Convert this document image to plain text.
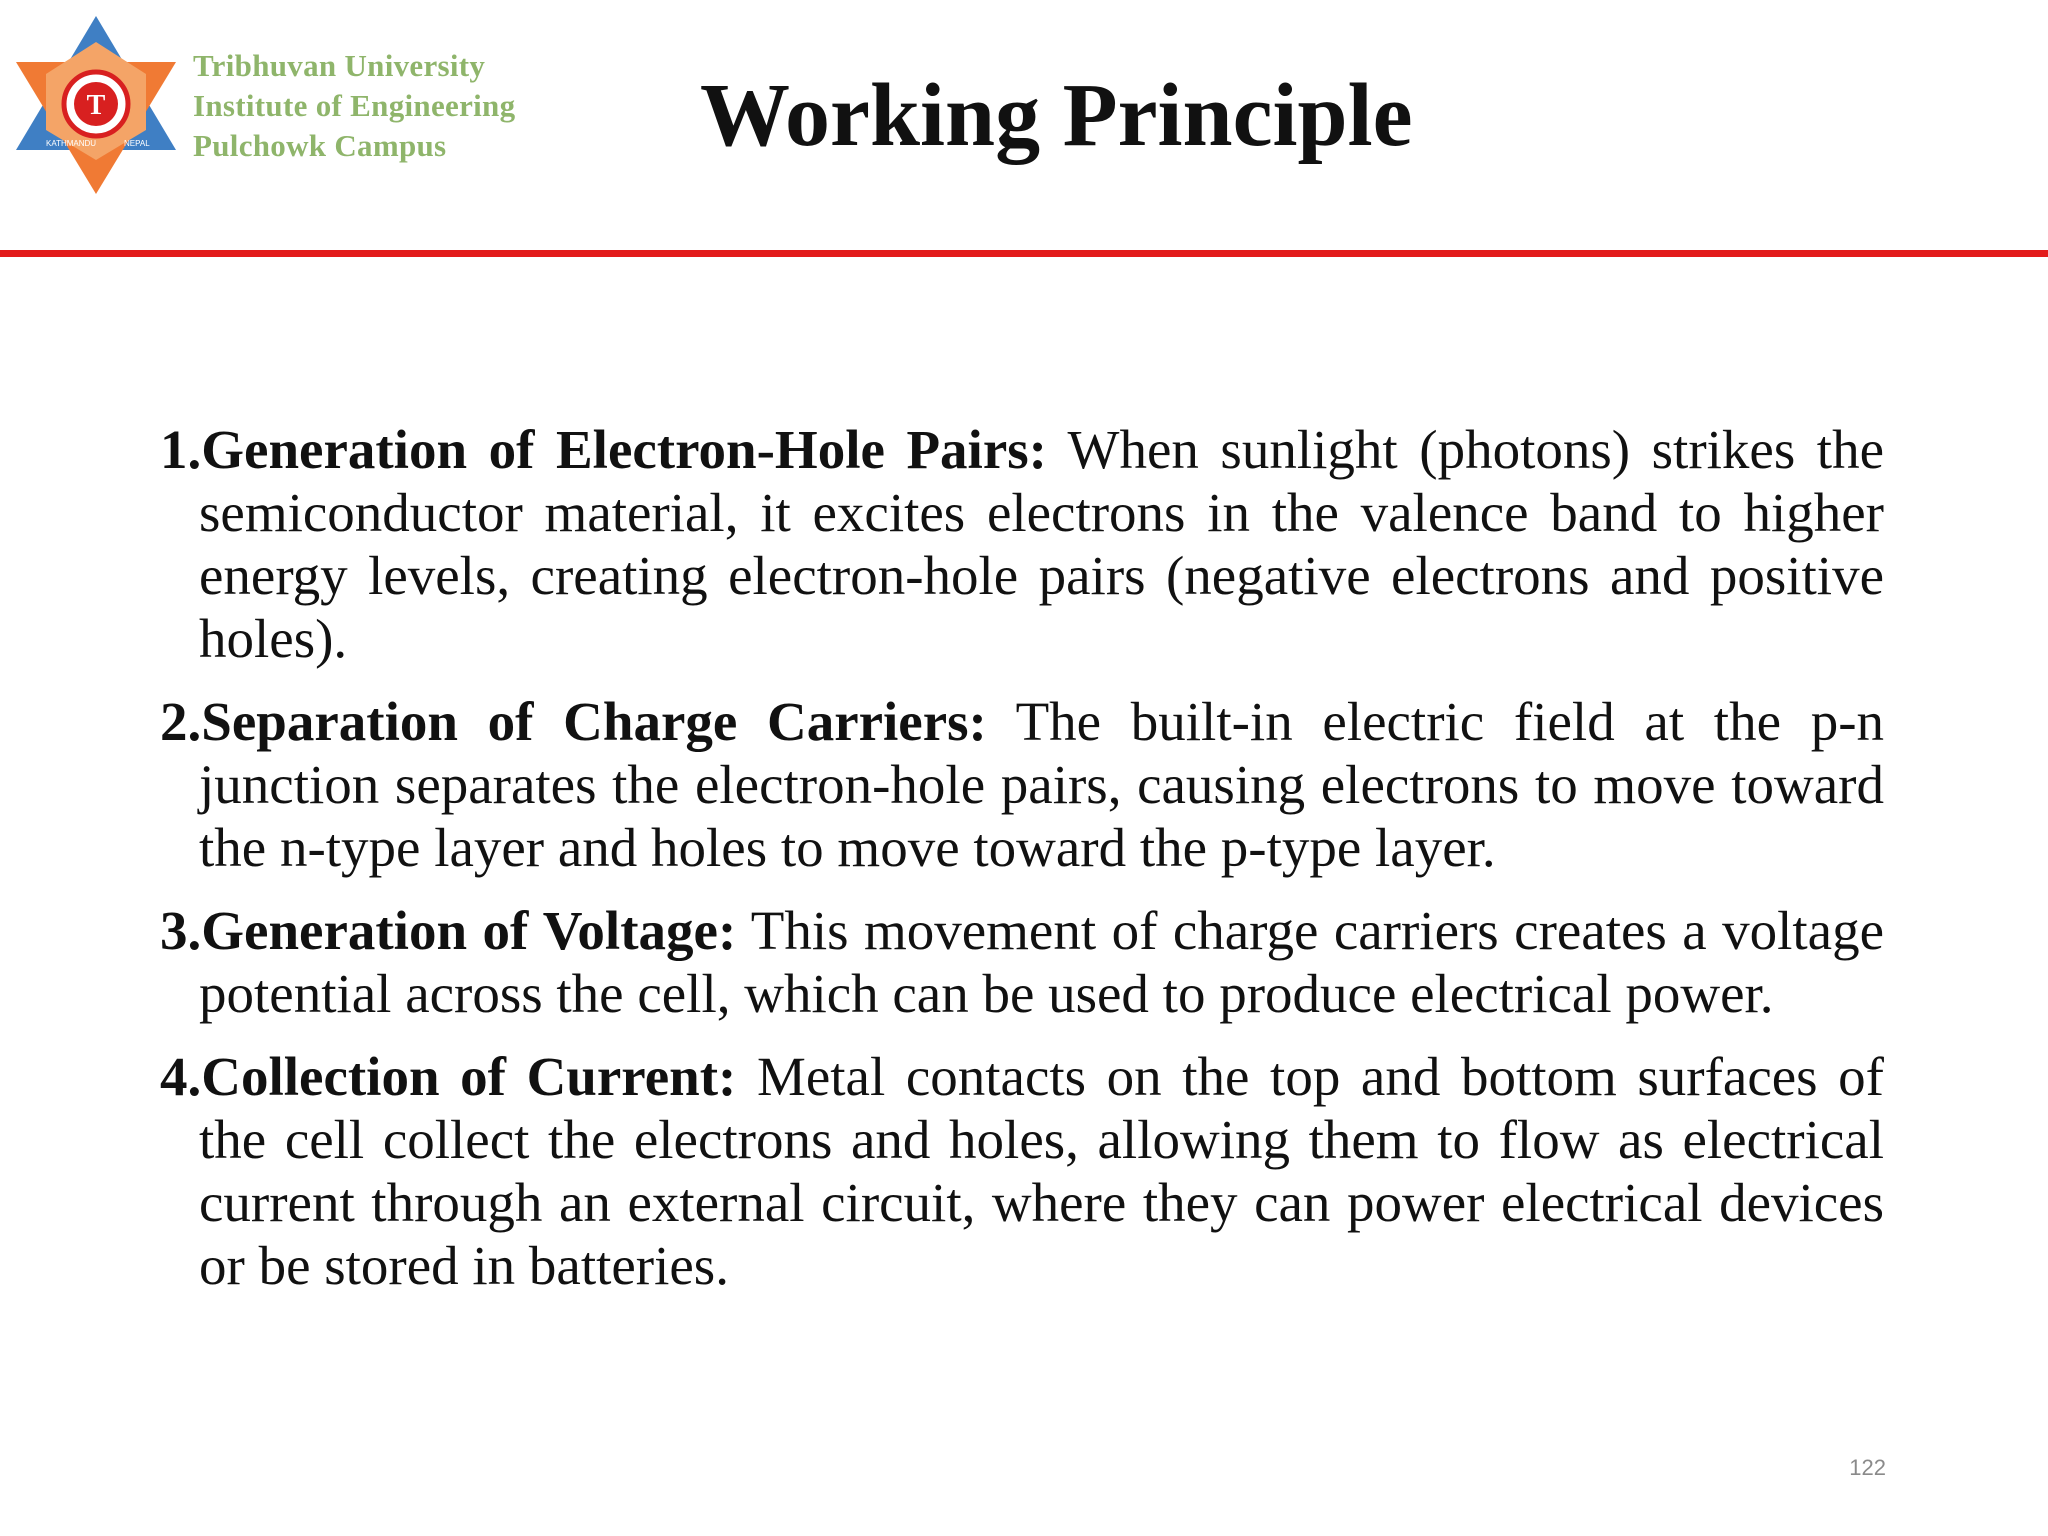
T
KATHMANDU	NEPAL
Tribhuvan University
Institute of Engineering
Pulchowk Campus	Working Principle

1.Generation of Electron-Hole Pairs: When sunlight (photons) strikes the semiconductor material, it excites electrons in the valence band to higher energy levels, creating electron-hole pairs (negative electrons and positive holes).

2.Separation of Charge Carriers: The built-in electric field at the p-n junction separates the electron-hole pairs, causing electrons to move toward the n-type layer and holes to move toward the p-type layer.

3.Generation of Voltage: This movement of charge carriers creates a voltage potential across the cell, which can be used to produce electrical power.

4.Collection of Current: Metal contacts on the top and bottom surfaces of the cell collect the electrons and holes, allowing them to flow as electrical current through an external circuit, where they can power electrical devices or be stored in batteries.

122
